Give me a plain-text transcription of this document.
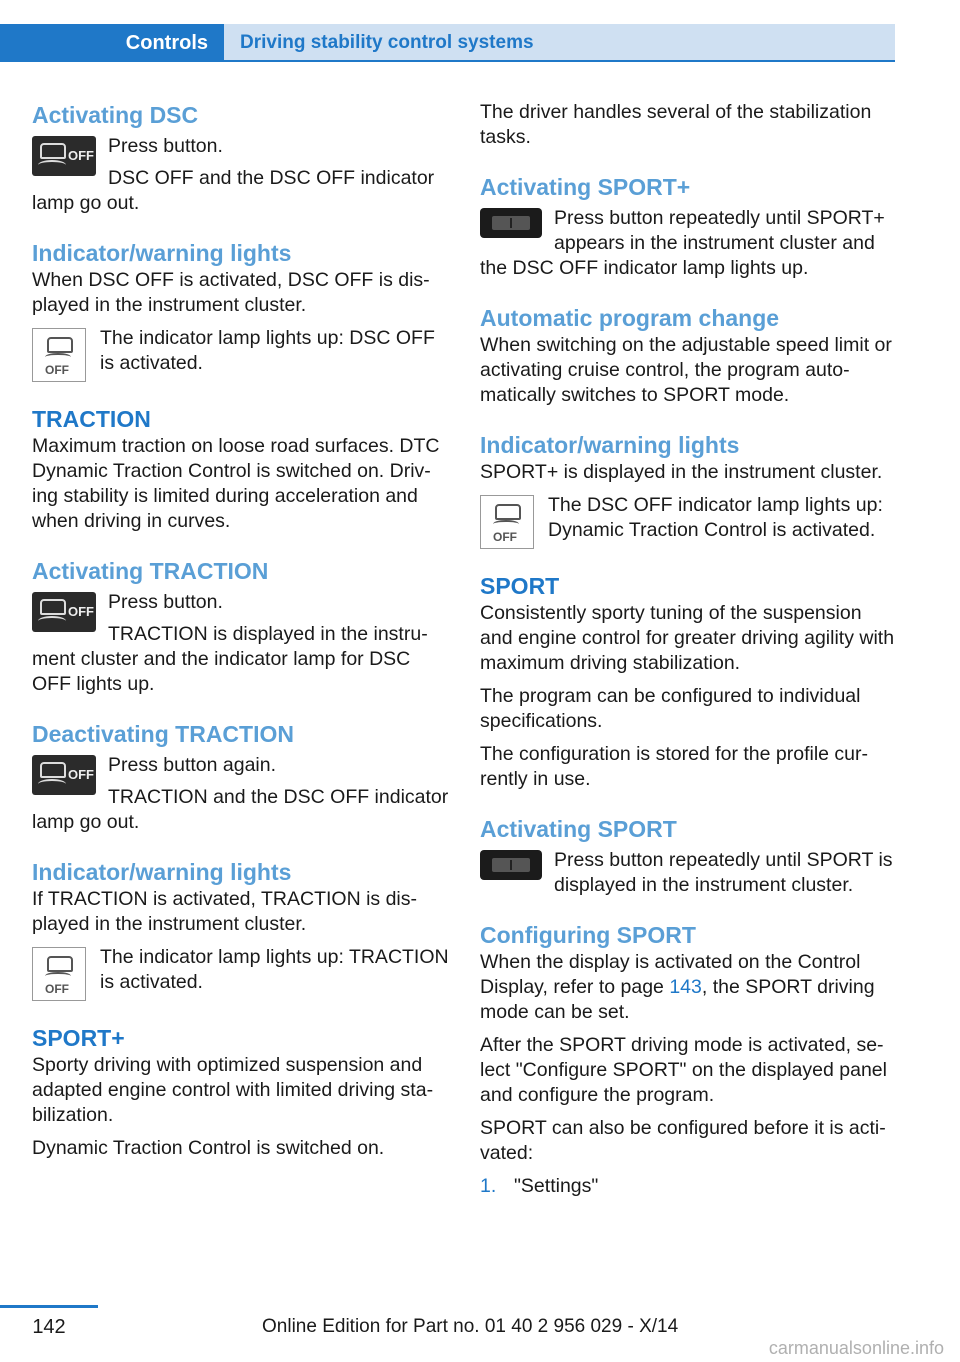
Controls	Driving stability control systems
Activating DSC
OFF Press button.

DSC OFF and the DSC OFF indicator lamp go out.

Indicator/warning lights

When DSC OFF is activated, DSC OFF is displayed in the instrument cluster.

OFF

The indicator lamp lights up: DSC OFF is activated.

TRACTION

Maximum traction on loose road surfaces. DTC Dynamic Traction Control is switched on. Driving stability is limited during acceleration and when driving in curves.

Activating TRACTION
OFF Press button.

TRACTION is displayed in the instrument cluster and the indicator lamp for DSC OFF lights up.

Deactivating TRACTION
OFF Press button again.

TRACTION and the DSC OFF indicator lamp go out.

Indicator/warning lights

If TRACTION is activated, TRACTION is displayed in the instrument cluster.

OFF

The indicator lamp lights up: TRACTION is activated.

SPORT+

Sporty driving with optimized suspension and adapted engine control with limited driving stabilization.

Dynamic Traction Control is switched on.

The driver handles several of the stabilization tasks.

Activating SPORT+

Press button repeatedly until SPORT+ appears in the instrument cluster and the DSC OFF indicator lamp lights up.

Automatic program change

When switching on the adjustable speed limit or activating cruise control, the program automatically switches to SPORT mode.

Indicator/warning lights

SPORT+ is displayed in the instrument cluster.

OFF

The DSC OFF indicator lamp lights up: Dynamic Traction Control is activated.

SPORT

Consistently sporty tuning of the suspension and engine control for greater driving agility with maximum driving stabilization.

The program can be configured to individual specifications.

The configuration is stored for the profile currently in use.

Activating SPORT

Press button repeatedly until SPORT is displayed in the instrument cluster.

Configuring SPORT

When the display is activated on the Control Display, refer to page 143, the SPORT driving mode can be set.

After the SPORT driving mode is activated, select "Configure SPORT" on the displayed panel and configure the program.

SPORT can also be configured before it is activated:

1. "Settings"
142	Online Edition for Part no. 01 40 2 956 029 - X/14
carmanualsonline.info
